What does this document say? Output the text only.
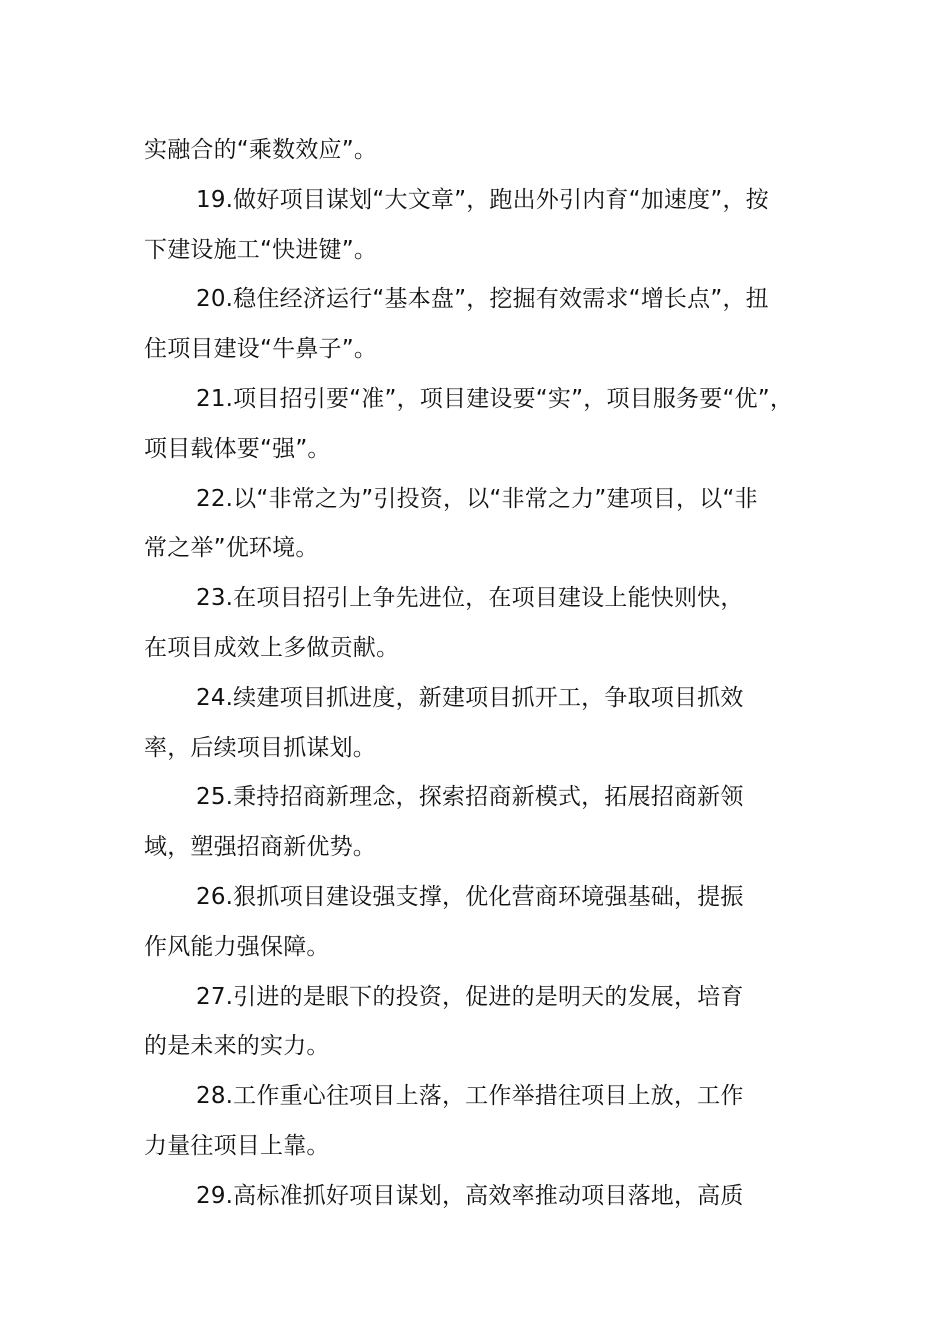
实融合的“乘数效应”。
19.做好项目谋划“大文章”，跑出外引内育“加速度”，按
下建设施工“快进键”。
20.稳住经济运行“基本盘”，挖掘有效需求“增长点”，扭
住项目建设“牛鼻子”。
21.项目招引要“准”，项目建设要“实”，项目服务要“优”，
项目载体要“强”。
22.以“非常之为”引投资，以“非常之力”建项目，以“非
常之举”优环境。
23.在项目招引上争先进位，在项目建设上能快则快，
在项目成效上多做贡献。
24.续建项目抓进度，新建项目抓开工，争取项目抓效
率，后续项目抓谋划。
25.秉持招商新理念，探索招商新模式，拓展招商新领
域，塑强招商新优势。
26.狠抓项目建设强支撑，优化营商环境强基础，提振
作风能力强保障。
27.引进的是眼下的投资，促进的是明天的发展，培育
的是未来的实力。
28.工作重心往项目上落，工作举措往项目上放，工作
力量往项目上靠。
29.高标准抓好项目谋划，高效率推动项目落地，高质
